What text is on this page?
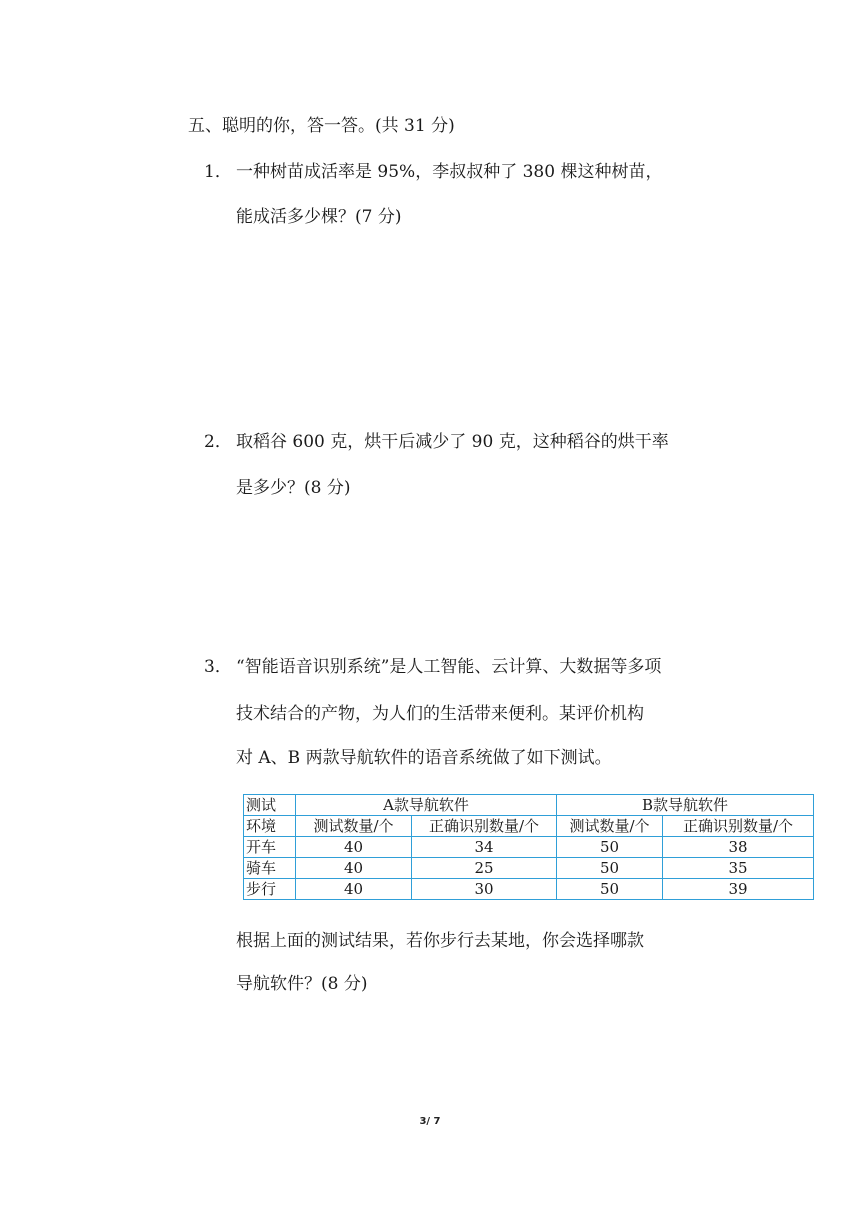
五、聪明的你，答一答。(共 31 分)
1． 一种树苗成活率是 95%，李叔叔种了 380 棵这种树苗，
能成活多少棵？(7 分)
2． 取稻谷 600 克，烘干后减少了 90 克，这种稻谷的烘干率
是多少？(8 分)
3． “智能语音识别系统”是人工智能、云计算、大数据等多项
技术结合的产物，为人们的生活带来便利。某评价机构
对 A、B 两款导航软件的语音系统做了如下测试。
测试	A款导航软件		B款导航软件	
环境	测试数量/个	正确识别数量/个	测试数量/个	正确识别数量/个
开车	40	34	50	38
骑车	40	25	50	35
步行	40	30	50	39
根据上面的测试结果，若你步行去某地，你会选择哪款
导航软件？(8 分)
3/ 7
